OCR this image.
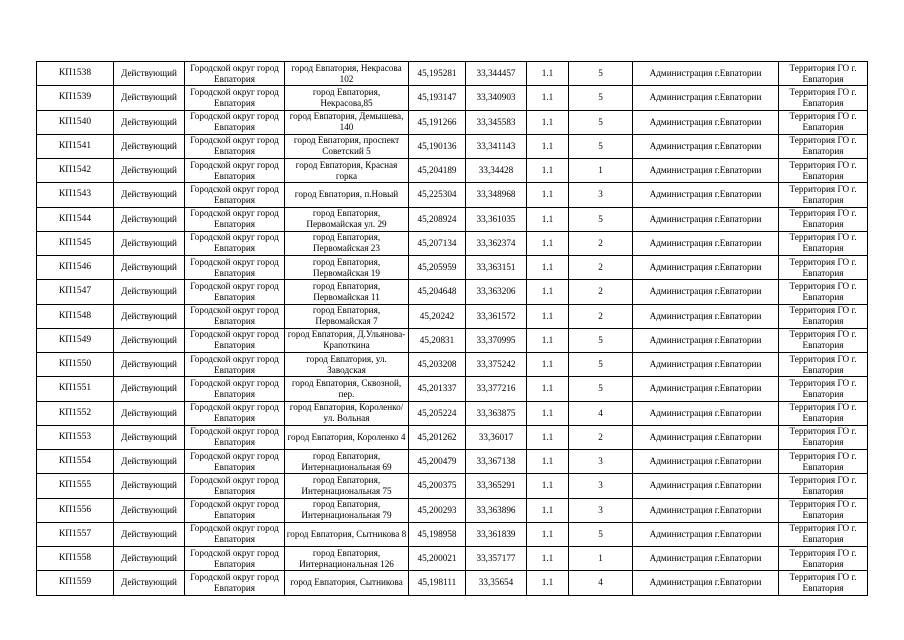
КП1538	Действующий	Городской округ город Евпатория	город Евпатория, Некрасова 102	45,195281	33,344457	1.1	5	Администрация г.Евпатории	Территория ГО г. Евпатория
КП1539	Действующий	Городской округ город Евпатория	город Евпатория, Некрасова,85	45,193147	33,340903	1.1	5	Администрация г.Евпатории	Территория ГО г. Евпатория
КП1540	Действующий	Городской округ город Евпатория	город Евпатория, Демышева, 140	45,191266	33,345583	1.1	5	Администрация г.Евпатории	Территория ГО г. Евпатория
КП1541	Действующий	Городской округ город Евпатория	город Евпатория, проспект Советский 5	45,190136	33,341143	1.1	5	Администрация г.Евпатории	Территория ГО г. Евпатория
КП1542	Действующий	Городской округ город Евпатория	город Евпатория, Красная горка	45,204189	33,34428	1.1	1	Администрация г.Евпатории	Территория ГО г. Евпатория
КП1543	Действующий	Городской округ город Евпатория	город Евпатория, п.Новый	45,225304	33,348968	1.1	3	Администрация г.Евпатории	Территория ГО г. Евпатория
КП1544	Действующий	Городской округ город Евпатория	город Евпатория, Первомайская ул. 29	45,208924	33,361035	1.1	5	Администрация г.Евпатории	Территория ГО г. Евпатория
КП1545	Действующий	Городской округ город Евпатория	город Евпатория, Первомайская 23	45,207134	33,362374	1.1	2	Администрация г.Евпатории	Территория ГО г. Евпатория
КП1546	Действующий	Городской округ город Евпатория	город Евпатория, Первомайская 19	45,205959	33,363151	1.1	2	Администрация г.Евпатории	Территория ГО г. Евпатория
КП1547	Действующий	Городской округ город Евпатория	город Евпатория, Первомайская 11	45,204648	33,363206	1.1	2	Администрация г.Евпатории	Территория ГО г. Евпатория
КП1548	Действующий	Городской округ город Евпатория	город Евпатория, Первомайская 7	45,20242	33,361572	1.1	2	Администрация г.Евпатории	Территория ГО г. Евпатория
КП1549	Действующий	Городской округ город Евпатория	город Евпатория, Д.Ульянова-Крапоткина	45,20831	33,370995	1.1	5	Администрация г.Евпатории	Территория ГО г. Евпатория
КП1550	Действующий	Городской округ город Евпатория	город Евпатория, ул. Заводская	45,203208	33,375242	1.1	5	Администрация г.Евпатории	Территория ГО г. Евпатория
КП1551	Действующий	Городской округ город Евпатория	город Евпатория, Сквозной, пер.	45,201337	33,377216	1.1	5	Администрация г.Евпатории	Территория ГО г. Евпатория
КП1552	Действующий	Городской округ город Евпатория	город Евпатория, Короленко/ул. Вольная	45,205224	33,363875	1.1	4	Администрация г.Евпатории	Территория ГО г. Евпатория
КП1553	Действующий	Городской округ город Евпатория	город Евпатория, Короленко 4	45,201262	33,36017	1.1	2	Администрация г.Евпатории	Территория ГО г. Евпатория
КП1554	Действующий	Городской округ город Евпатория	город Евпатория, Интернациональная 69	45,200479	33,367138	1.1	3	Администрация г.Евпатории	Территория ГО г. Евпатория
КП1555	Действующий	Городской округ город Евпатория	город Евпатория, Интернациональная 75	45,200375	33,365291	1.1	3	Администрация г.Евпатории	Территория ГО г. Евпатория
КП1556	Действующий	Городской округ город Евпатория	город Евпатория, Интернациональная 79	45,200293	33,363896	1.1	3	Администрация г.Евпатории	Территория ГО г. Евпатория
КП1557	Действующий	Городской округ город Евпатория	город Евпатория, Сытникова 8	45,198958	33,361839	1.1	5	Администрация г.Евпатории	Территория ГО г. Евпатория
КП1558	Действующий	Городской округ город Евпатория	город Евпатория, Интернациональная 126	45,200021	33,357177	1.1	1	Администрация г.Евпатории	Территория ГО г. Евпатория
КП1559	Действующий	Городской округ город Евпатория	город Евпатория, Сытникова	45,198111	33,35654	1.1	4	Администрация г.Евпатории	Территория ГО г. Евпатория
